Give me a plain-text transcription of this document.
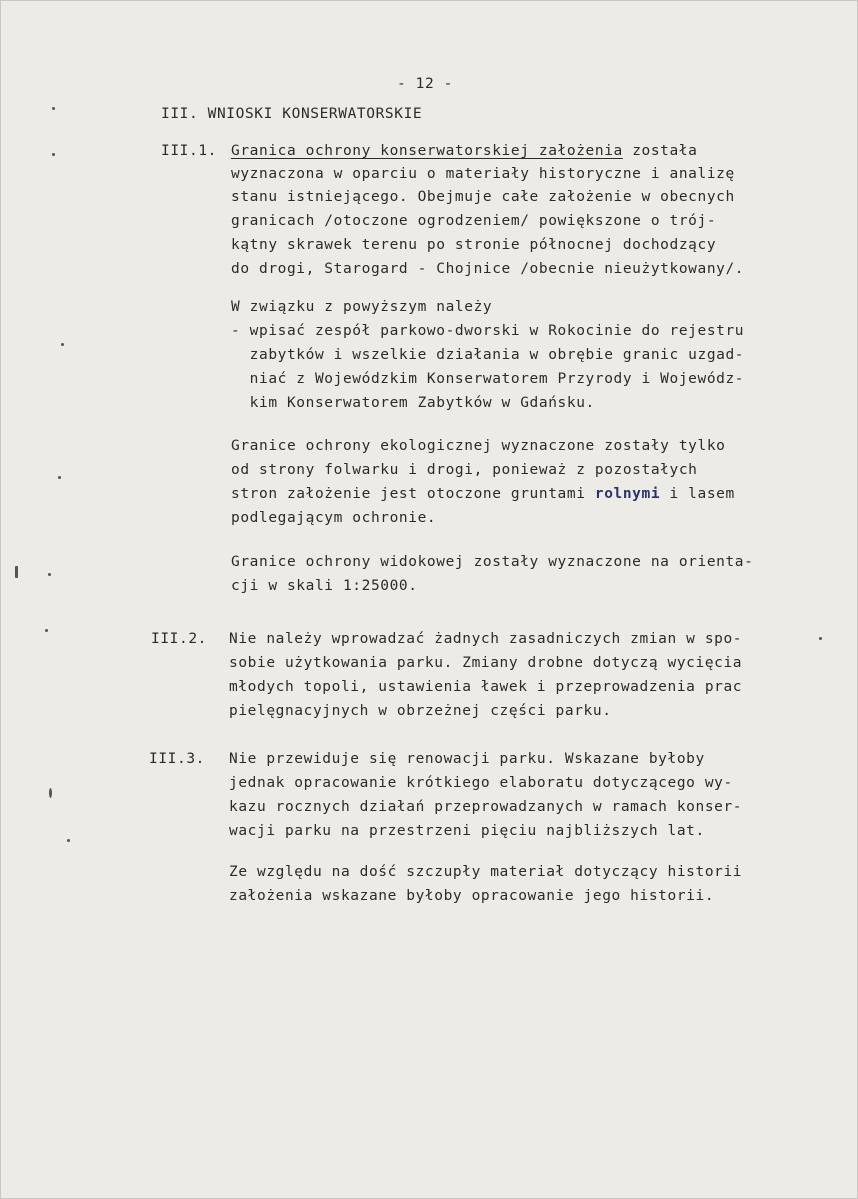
- 12 -
III. WNIOSKI KONSERWATORSKIE
III.1. Granica ochrony konserwatorskiej założenia została
wyznaczona w oparciu o materiały historyczne i analizę
stanu istniejącego. Obejmuje całe założenie w obecnych
granicach /otoczone ogrodzeniem/ powiększone o trój-
kątny skrawek terenu po stronie północnej dochodzący
do drogi, Starogard - Chojnice /obecnie nieużytkowany/.
W związku z powyższym należy
- wpisać zespół parkowo-dworski w Rokocinie do rejestru
zabytków i wszelkie działania w obrębie granic uzgad-
niać z Wojewódzkim Konserwatorem Przyrody i Wojewódz-
kim Konserwatorem Zabytków w Gdańsku.
Granice ochrony ekologicznej wyznaczone zostały tylko
od strony folwarku i drogi, ponieważ z pozostałych
stron założenie jest otoczone gruntami rolnymi i lasem
podlegającym ochronie.
Granice ochrony widokowej zostały wyznaczone na orienta-
cji w skali 1:25000.
III.2. Nie należy wprowadzać żadnych zasadniczych zmian w spo-
sobie użytkowania parku. Zmiany drobne dotyczą wycięcia
młodych topoli, ustawienia ławek i przeprowadzenia prac
pielęgnacyjnych w obrzeżnej części parku.
III.3. Nie przewiduje się renowacji parku. Wskazane byłoby
jednak opracowanie krótkiego elaboratu dotyczącego wy-
kazu rocznych działań przeprowadzanych w ramach konser-
wacji parku na przestrzeni pięciu najbliższych lat.
Ze względu na dość szczupły materiał dotyczący historii
założenia wskazane byłoby opracowanie jego historii.
